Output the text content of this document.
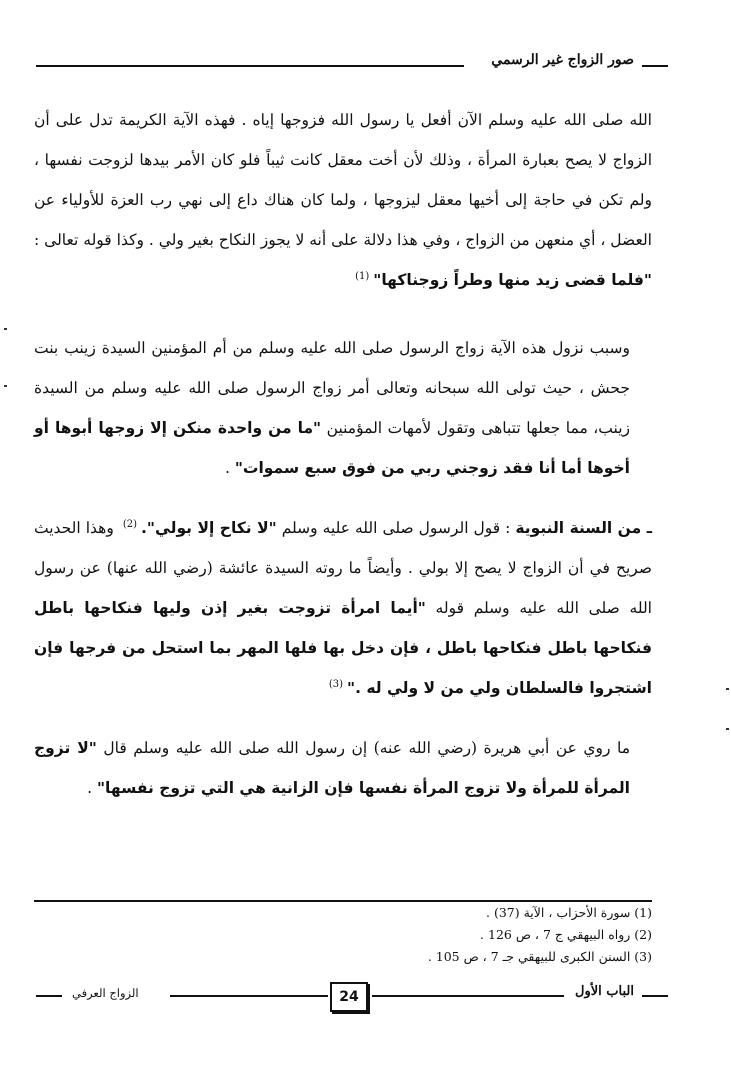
صور الزواج غير الرسمي

الله صلى الله عليه وسلم الآن أفعل يا رسول الله فزوجها إياه . فهذه الآية الكريمة تدل على أن الزواج لا يصح بعبارة المرأة ، وذلك لأن أخت معقل كانت ثيباً فلو كان الأمر بيدها لزوجت نفسها ، ولم تكن في حاجة إلى أخيها معقل ليزوجها ، ولما كان هناك داع إلى نهي رب العزة للأولياء عن العضل ، أي منعهن من الزواج ، وفي هذا دلالة على أنه لا يجوز النكاح بغير ولي . وكذا قوله تعالى : "فلما قضى زيد منها وطراً زوجناكها"$^{(1)}$

وسبب نزول هذه الآية زواج الرسول صلى الله عليه وسلم من أم المؤمنين السيدة زينب بنت جحش ، حيث تولى الله سبحانه وتعالى أمر زواج الرسول صلى الله عليه وسلم من السيدة زينب، مما جعلها تتباهى وتقول لأمهات المؤمنين "ما من واحدة منكن إلا زوجها أبوها أو أخوها أما أنا فقد زوجني ربي من فوق سبع سموات" .

ـ من السنة النبوية : قول الرسول صلى الله عليه وسلم "لا نكاح إلا بولي".$^{(2)}$ وهذا الحديث صريح في أن الزواج لا يصح إلا بولي . وأيضاً ما روته السيدة عائشة (رضي الله عنها) عن رسول الله صلى الله عليه وسلم قوله "أيما امرأة تزوجت بغير إذن وليها فنكاحها باطل فنكاحها باطل فنكاحها باطل ، فإن دخل بها فلها المهر بما استحل من فرجها فإن اشتجروا فالسلطان ولي من لا ولي له ."$^{(3)}$

ما روي عن أبي هريرة (رضي الله عنه) إن رسول الله صلى الله عليه وسلم قال "لا تزوج المرأة للمرأة ولا تزوج المرأة نفسها فإن الزانية هي التي تزوج نفسها" .

(1) سورة الأحزاب ، الآية (37) .

(2) رواه البيهقي ج 7 ، ص 126 .

(3) السنن الكبرى للبيهقي جـ 7 ، ص 105 .

الباب الأول
24
الزواج العرفي
